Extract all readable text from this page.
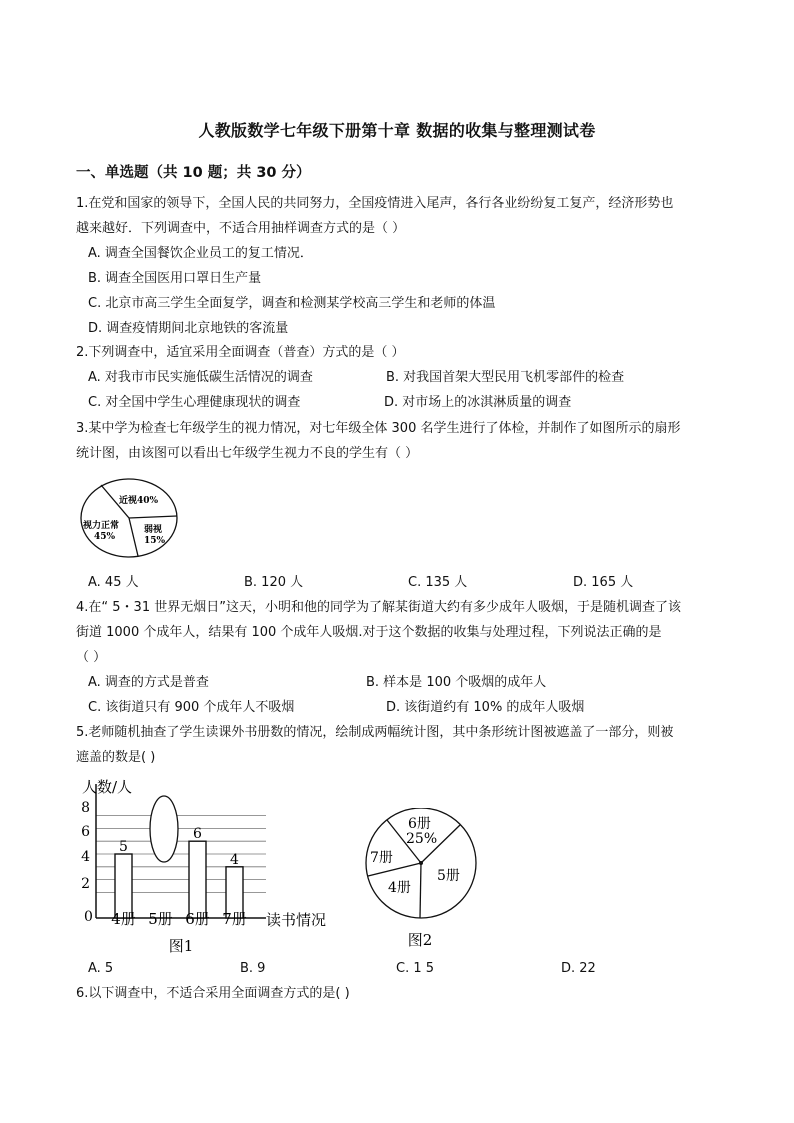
人教版数学七年级下册第十章 数据的收集与整理测试卷
一、单选题（共 10 题；共 30 分）
1.在党和国家的领导下，全国人民的共同努力，全国疫情进入尾声，各行各业纷纷复工复产，经济形势也
越来越好．下列调查中，不适合用抽样调查方式的是（ ）
A. 调查全国餐饮企业员工的复工情况．
B. 调查全国医用口罩日生产量
C. 北京市高三学生全面复学，调查和检测某学校高三学生和老师的体温
D. 调查疫情期间北京地铁的客流量
2.下列调查中，适宜采用全面调查（普查）方式的是（ ）
A. 对我市市民实施低碳生活情况的调查	B. 对我国首架大型民用飞机零部件的检查
C. 对全国中学生心理健康现状的调查	D. 对市场上的冰淇淋质量的调查
3.某中学为检查七年级学生的视力情况，对七年级全体 300 名学生进行了体检，并制作了如图所示的扇形
统计图，由该图可以看出七年级学生视力不良的学生有（ ）
近视40%
视力正常
45%
弱视
15%
A. 45 人	B. 120 人	C. 135 人	D. 165 人
4.在“ 5・31 世界无烟日”这天，小明和他的同学为了解某街道大约有多少成年人吸烟，于是随机调查了该
街道 1000 个成年人，结果有 100 个成年人吸烟.对于这个数据的收集与处理过程，下列说法正确的是
（ ）
A. 调查的方式是普查	B. 样本是 100 个吸烟的成年人
C. 该街道只有 900 个成年人不吸烟	D. 该街道约有 10% 的成年人吸烟
5.老师随机抽查了学生读课外书册数的情况，绘制成两幅统计图，其中条形统计图被遮盖了一部分，则被
遮盖的数是( )
人数/人
读书情况
0
2
4
6
8
5
4册 5册
6
6册
4
7册
图1
6册
25%
7册
4册
5册
图2
A. 5	B. 9	C. 1 5	D. 22
6.以下调查中，不适合采用全面调查方式的是( )
